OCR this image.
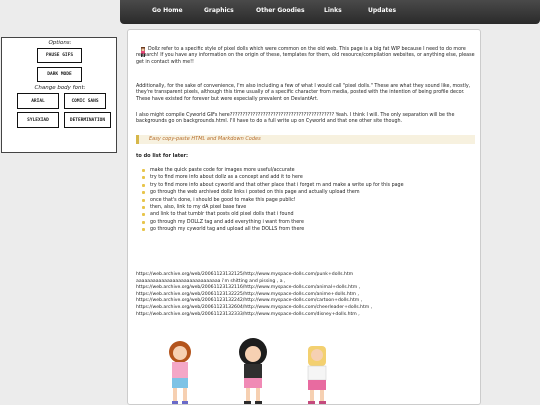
Go Home	Graphics	Other Goodies	Links	Updates
Options:
PAUSE GIFS
DARK MODE
Change body font:
ARIAL	COMIC SANS
SYLEXIAD	DETERMINATION

Dollz refer to a specific style of pixel dolls which were common on the old web. This page is a big fat WIP because I need to do more research! If you have any information on the origin of these, templates for them, old resource/compilation websites, or anything else, please get in contact with me!!

Additionally, for the sake of convenience, I'm also including a few of what I would call "pixel dolls." These are what they sound like, mostly, they're transparent pixels, although this time usually of a specific character from media, posted with the intention of being profile decor. These have existed for forever but were especially prevalent on DeviantArt.

I also might compile Cyworld GIFs here????????????????????????????????????????? Yeah. I think I will. The only separation will be the backgrounds go on backgrounds.html. I'll have to do a full write up on Cyworld and that one other site though.

Easy copy-paste HTML and Markdown Codes
to do list for later:
make the quick paste code for images more useful/accurate
try to find more info about dollz as a concept and add it to here
try to find more info about cyworld and that other place that i forget rn and make a write up for this page
go through the web archived dollz links i posted on this page and actually upload them
once that's done, i should be good to make this page public!
then, also, link to my dA pixel base fave
and link to that tumblr that posts old pixel dolls that i found
go through my DOLLZ tag and add everything i want from there
go through my cyworld tag and upload all the DOLLS from there
https://web.archive.org/web/20061123132125/http://www.myspace-dolls.com/punk+dolls.htm
aaaaaaaaaaaaaaaaaaaaaaaaaaaaaa i'm shitting and pissing , a ,
https://web.archive.org/web/20061123132116/http://www.myspace-dolls.com/animal+dolls.htm ,
https://web.archive.org/web/20061123132225/http://www.myspace-dolls.com/anime+dolls.htm ,
https://web.archive.org/web/20061123132242/http://www.myspace-dolls.com/cartoon+dolls.htm ,
https://web.archive.org/web/20061123132604/http://www.myspace-dolls.com/cheerleader+dolls.htm ,
https://web.archive.org/web/20061123132333/http://www.myspace-dolls.com/disney+dolls.htm ,
